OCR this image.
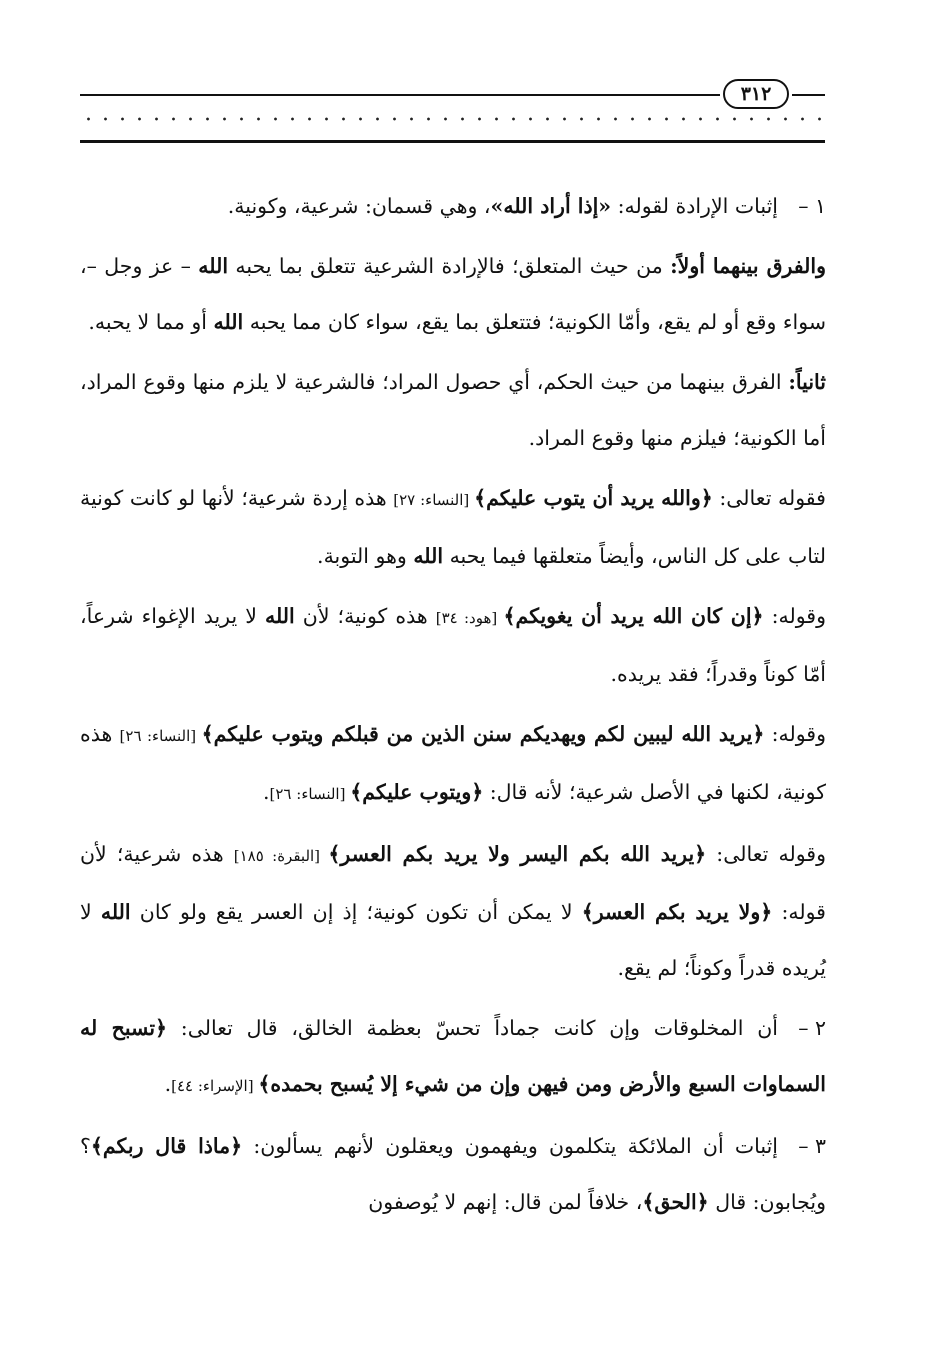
٣١٢

١ –إثبات الإرادة لقوله: «إذا أراد الله»، وهي قسمان: شرعية، وكونية.

والفرق بينهما أولاً: من حيث المتعلق؛ فالإرادة الشرعية تتعلق بما يحبه الله – عز وجل –، سواء وقع أو لم يقع، وأمّا الكونية؛ فتتعلق بما يقع، سواء كان مما يحبه الله أو مما لا يحبه.

ثانياً: الفرق بينهما من حيث الحكم، أي حصول المراد؛ فالشرعية لا يلزم منها وقوع المراد، أما الكونية؛ فيلزم منها وقوع المراد.

فقوله تعالى: ﴿والله يريد أن يتوب عليكم﴾ [النساء: ٢٧] هذه إردة شرعية؛ لأنها لو كانت كونية لتاب على كل الناس، وأيضاً متعلقها فيما يحبه الله وهو التوبة.

وقوله: ﴿إن كان الله يريد أن يغويكم﴾ [هود: ٣٤] هذه كونية؛ لأن الله لا يريد الإغواء شرعاً، أمّا كوناً وقدراً؛ فقد يريده.

وقوله: ﴿يريد الله ليبين لكم ويهديكم سنن الذين من قبلكم ويتوب عليكم﴾ [النساء: ٢٦] هذه كونية، لكنها في الأصل شرعية؛ لأنه قال: ﴿ويتوب عليكم﴾ [النساء: ٢٦].

وقوله تعالى: ﴿يريد الله بكم اليسر ولا يريد بكم العسر﴾ [البقرة: ١٨٥] هذه شرعية؛ لأن قوله: ﴿ولا يريد بكم العسر﴾ لا يمكن أن تكون كونية؛ إذ إن العسر يقع ولو كان الله لا يُريده قدراً وكوناً؛ لم يقع.

٢ –أن المخلوقات وإن كانت جماداً تحسّ بعظمة الخالق، قال تعالى: ﴿تسبح له السماوات السبع والأرض ومن فيهن وإن من شيء إلا يُسبح بحمده﴾ [الإسراء: ٤٤].

٣ –إثبات أن الملائكة يتكلمون ويفهمون ويعقلون لأنهم يسألون: ﴿ماذا قال ربكم﴾؟ ويُجابون: قال ﴿الحق﴾، خلافاً لمن قال: إنهم لا يُوصفون
